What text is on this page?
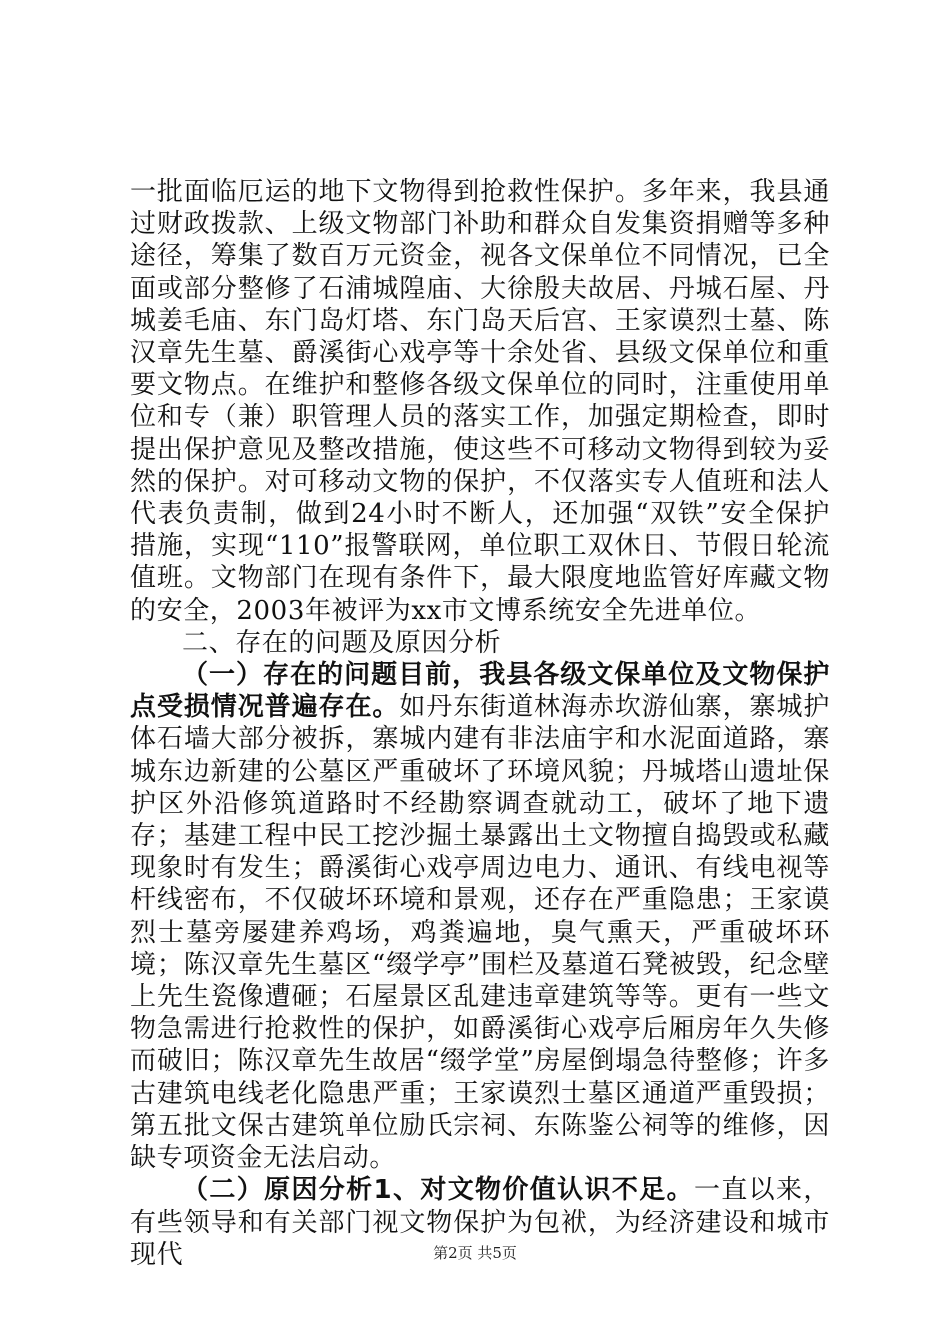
一批面临厄运的地下文物得到抢救性保护。多年来，我县通过财政拨款、上级文物部门补助和群众自发集资捐赠等多种途径，筹集了数百万元资金，视各文保单位不同情况，已全面或部分整修了石浦城隍庙、大徐殷夫故居、丹城石屋、丹城姜毛庙、东门岛灯塔、东门岛天后宫、王家谟烈士墓、陈汉章先生墓、爵溪街心戏亭等十余处省、县级文保单位和重要文物点。在维护和整修各级文保单位的同时，注重使用单位和专（兼）职管理人员的落实工作，加强定期检查，即时提出保护意见及整改措施，使这些不可移动文物得到较为妥然的保护。对可移动文物的保护，不仅落实专人值班和法人代表负责制，做到24小时不断人，还加强“双铁”安全保护措施，实现“110”报警联网，单位职工双休日、节假日轮流值班。文物部门在现有条件下，最大限度地监管好库藏文物的安全，2003年被评为xx市文博系统安全先进单位。

二、存在的问题及原因分析

（一）存在的问题目前，我县各级文保单位及文物保护点受损情况普遍存在。如丹东街道林海赤坎游仙寨，寨城护体石墙大部分被拆，寨城内建有非法庙宇和水泥面道路，寨城东边新建的公墓区严重破坏了环境风貌；丹城塔山遗址保护区外沿修筑道路时不经勘察调查就动工，破坏了地下遗存；基建工程中民工挖沙掘土暴露出土文物擅自捣毁或私藏现象时有发生；爵溪街心戏亭周边电力、通讯、有线电视等杆线密布，不仅破坏环境和景观，还存在严重隐患；王家谟烈士墓旁屡建养鸡场，鸡粪遍地，臭气熏天，严重破坏环境；陈汉章先生墓区“缀学亭”围栏及墓道石凳被毁，纪念壁上先生瓷像遭砸；石屋景区乱建违章建筑等等。更有一些文物急需进行抢救性的保护，如爵溪街心戏亭后厢房年久失修而破旧；陈汉章先生故居“缀学堂”房屋倒塌急待整修；许多古建筑电线老化隐患严重；王家谟烈士墓区通道严重毁损；第五批文保古建筑单位励氏宗祠、东陈鉴公祠等的维修，因缺专项资金无法启动。

（二）原因分析1、对文物价值认识不足。一直以来，有些领导和有关部门视文物保护为包袱，为经济建设和城市现代	第2页 共5页
